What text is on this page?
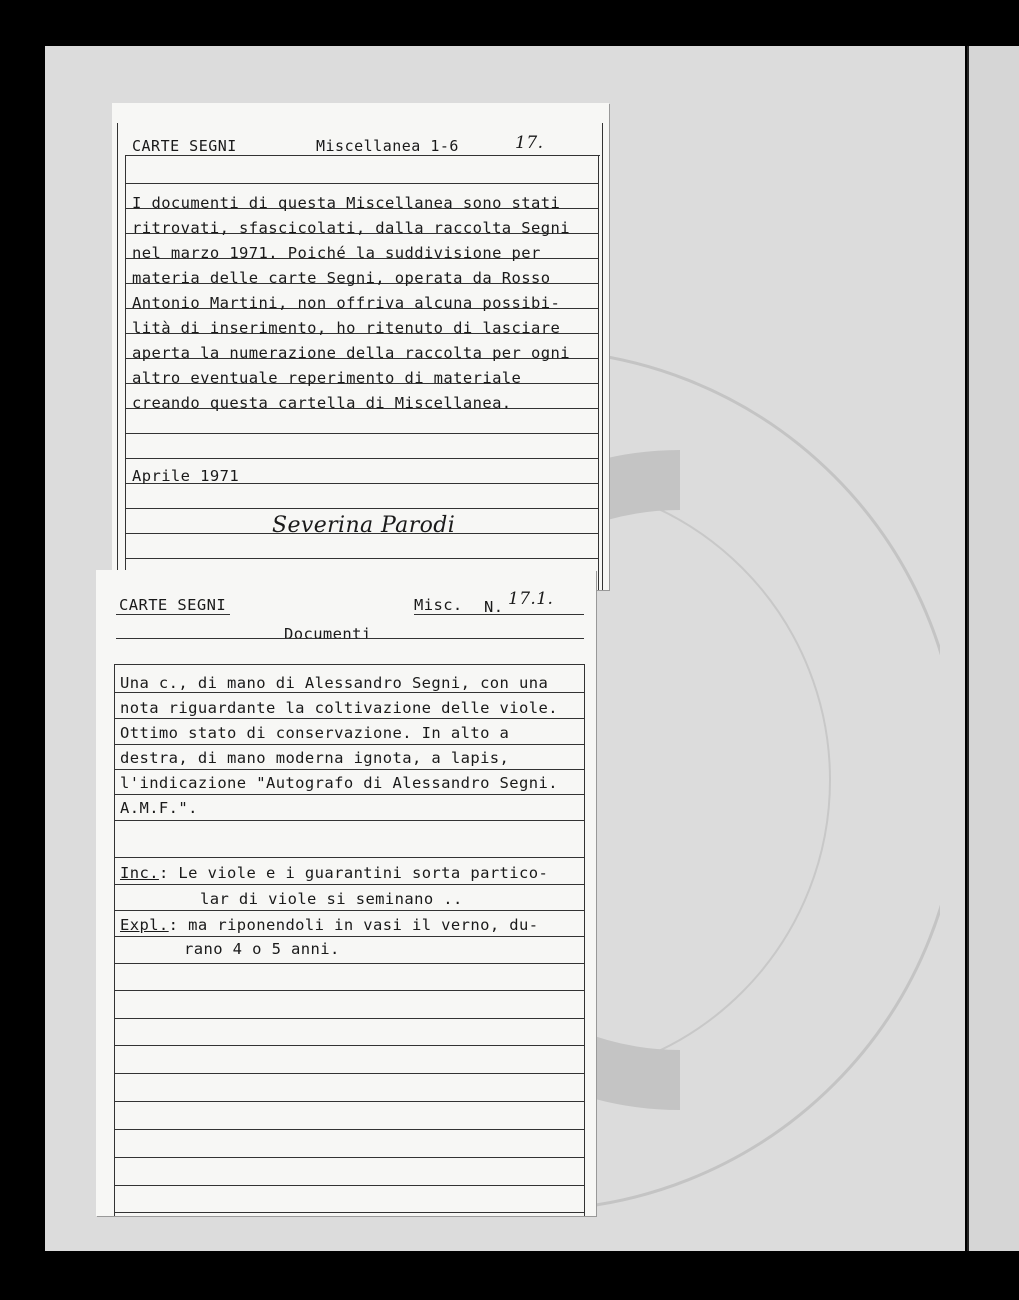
CARTE SEGNI	Miscellanea 1-6	17.
I documenti di questa Miscellanea sono stati
ritrovati, sfascicolati, dalla raccolta Segni
nel marzo 1971. Poiché la suddivisione per
materia delle carte Segni, operata da Rosso
Antonio Martini, non offriva alcuna possibi-
lità di inserimento, ho ritenuto di lasciare
aperta la numerazione della raccolta per ogni
altro eventuale reperimento di materiale
creando questa cartella di Miscellanea.
Aprile 1971
Severina Parodi
CARTE SEGNI	Misc. N. 17.1.
Documenti
Una c., di mano di Alessandro Segni, con una
nota riguardante la coltivazione delle viole.
Ottimo stato di conservazione. In alto a
destra, di mano moderna ignota, a lapis,
l'indicazione "Autografo di Alessandro Segni.
A.M.F.".
Inc.: Le viole e i guarantini sorta partico-
lar di viole si seminano ..
Expl.: ma riponendoli in vasi il verno, du-
rano 4 o 5 anni.
